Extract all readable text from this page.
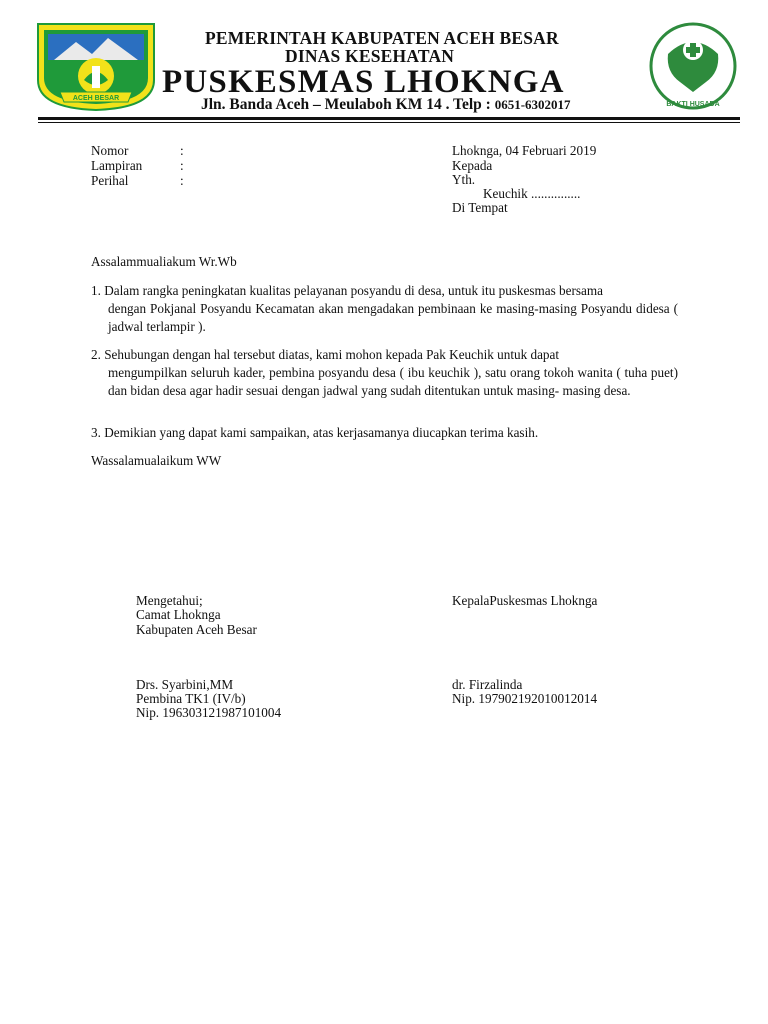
ACEH BESAR
PEMERINTAH KABUPATEN ACEH BESAR
DINAS KESEHATAN
PUSKESMAS LHOKNGA
Jln. Banda Aceh – Meulaboh KM 14 . Telp : 0651-6302017	BAKTI HUSADA
Nomor	:
Lampiran	:
Perihal	:
Lhoknga, 04 Februari 2019
Kepada
Yth.
Keuchik ...............
Di Tempat
Assalammualiakum Wr.Wb
1. Dalam rangka peningkatan kualitas pelayanan posyandu di desa, untuk itu puskesmas bersama
dengan Pokjanal Posyandu Kecamatan akan mengadakan pembinaan ke masing-masing Posyandu didesa ( jadwal terlampir ).
2. Sehubungan dengan hal tersebut diatas, kami mohon kepada Pak Keuchik untuk dapat
mengumpilkan seluruh kader, pembina posyandu desa ( ibu keuchik ), satu orang tokoh wanita ( tuha puet) dan bidan desa agar hadir sesuai dengan jadwal yang sudah ditentukan untuk masing- masing desa.
3. Demikian yang dapat kami sampaikan, atas kerjasamanya diucapkan terima kasih.
Wassalamualaikum WW
Mengetahui;
Camat Lhoknga
Kabupaten Aceh Besar
Drs. Syarbini,MM
Pembina TK1 (IV/b)
Nip. 196303121987101004
KepalaPuskesmas Lhoknga
dr. Firzalinda
Nip. 197902192010012014
